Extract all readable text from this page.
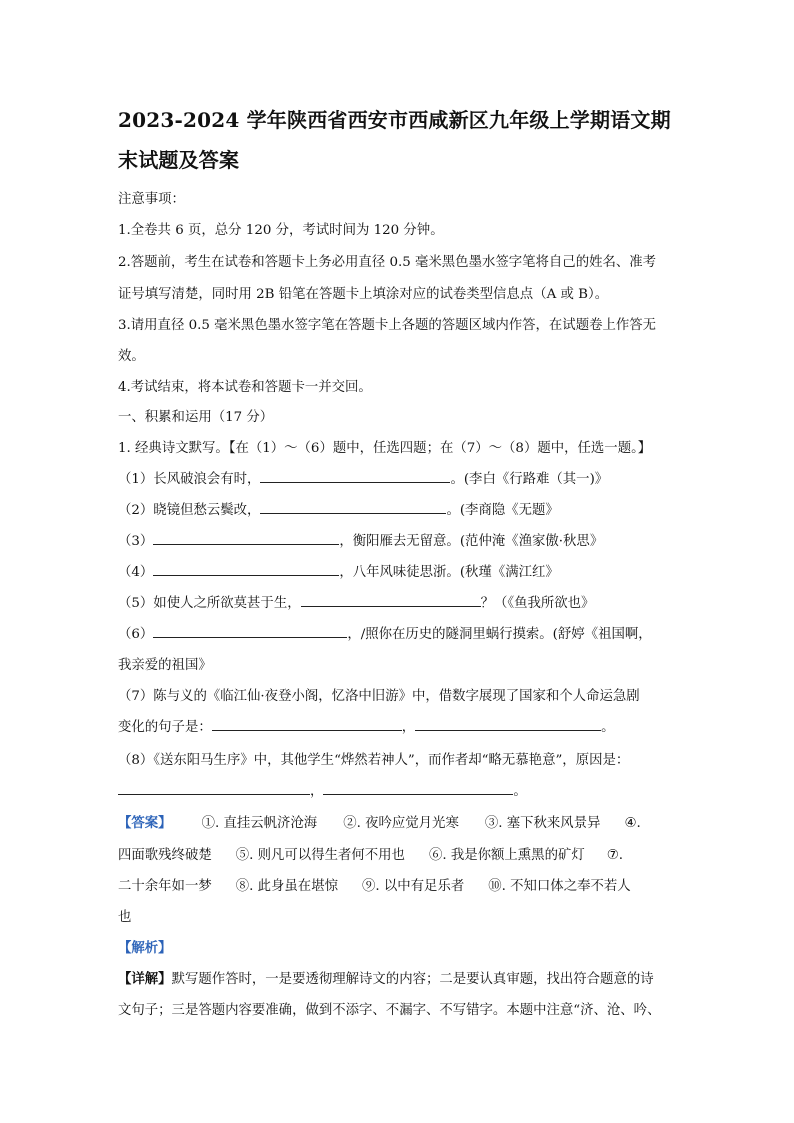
2023-2024 学年陕西省西安市西咸新区九年级上学期语文期
末试题及答案

注意事项：

1.全卷共 6 页，总分 120 分，考试时间为 120 分钟。

2.答题前，考生在试卷和答题卡上务必用直径 0.5 毫米黑色墨水签字笔将自己的姓名、准考

证号填写清楚，同时用 2B 铅笔在答题卡上填涂对应的试卷类型信息点（A 或 B）。

3.请用直径 0.5 毫米黑色墨水签字笔在答题卡上各题的答题区域内作答，在试题卷上作答无

效。

4.考试结束，将本试卷和答题卡一并交回。

一、积累和运用（17 分）

1. 经典诗文默写。【在（1）～（6）题中，任选四题；在（7）～（8）题中，任选一题。】

（1）长风破浪会有时，	。(李白《行路难（其一)》

（2）晓镜但愁云鬓改，	。(李商隐《无题》

（3）	，衡阳雁去无留意。(范仲淹《渔家傲·秋思》

（4）	，八年风味徒思浙。(秋瑾《满江红》

（5）如使人之所欲莫甚于生，	？（《鱼我所欲也》

（6）	，/照你在历史的隧洞里蜗行摸索。(舒婷《祖国啊，

我亲爱的祖国》

（7）陈与义的《临江仙·夜登小阁，忆洛中旧游》中，借数字展现了国家和个人命运急剧

变化的句子是：	，	。

（8）《送东阳马生序》中，其他学生“烨然若神人”，而作者却“略无慕艳意”，原因是：

，	。

【答案】 ①. 直挂云帆济沧海 ②. 夜吟应觉月光寒 ③. 塞下秋来风景异 ④.

四面歌残终破楚 ⑤. 则凡可以得生者何不用也 ⑥. 我是你额上熏黑的矿灯 ⑦.

二十余年如一梦 ⑧. 此身虽在堪惊 ⑨. 以中有足乐者 ⑩. 不知口体之奉不若人

也

【解析】

【详解】默写题作答时，一是要透彻理解诗文的内容；二是要认真审题，找出符合题意的诗

文句子；三是答题内容要准确，做到不添字、不漏字、不写错字。本题中注意“济、沧、吟、
